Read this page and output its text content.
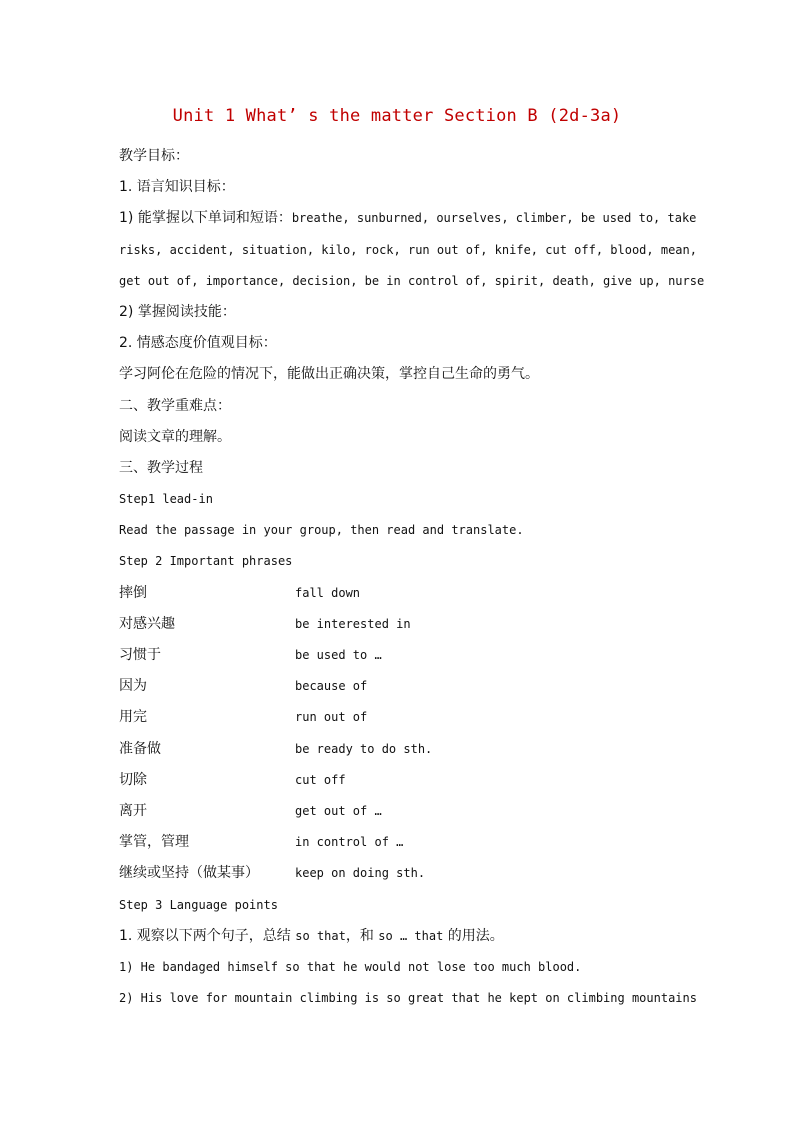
Unit 1 What’ s the matter Section B (2d-3a)
教学目标：
1. 语言知识目标：
1) 能掌握以下单词和短语：breathe, sunburned, ourselves, climber, be used to, take
risks, accident, situation, kilo, rock, run out of, knife, cut off, blood, mean,
get out of, importance, decision, be in control of, spirit, death, give up, nurse
2) 掌握阅读技能：
2. 情感态度价值观目标：
学习阿伦在危险的情况下，能做出正确决策，掌控自己生命的勇气。
二、教学重难点：
阅读文章的理解。
三、教学过程
Step1 lead-in
Read the passage in your group, then read and translate.
Step 2 Important phrases
摔倒	fall down
对感兴趣	be interested in
习惯于	be used to …
因为	because of
用完	run out of
准备做	be ready to do sth.
切除	cut off
离开	get out of …
掌管，管理	in control of …
继续或坚持（做某事）	keep on doing sth.
Step 3 Language points
1. 观察以下两个句子，总结 so that，和 so … that 的用法。
1) He bandaged himself so that he would not lose too much blood.
2) His love for mountain climbing is so great that he kept on climbing mountains
